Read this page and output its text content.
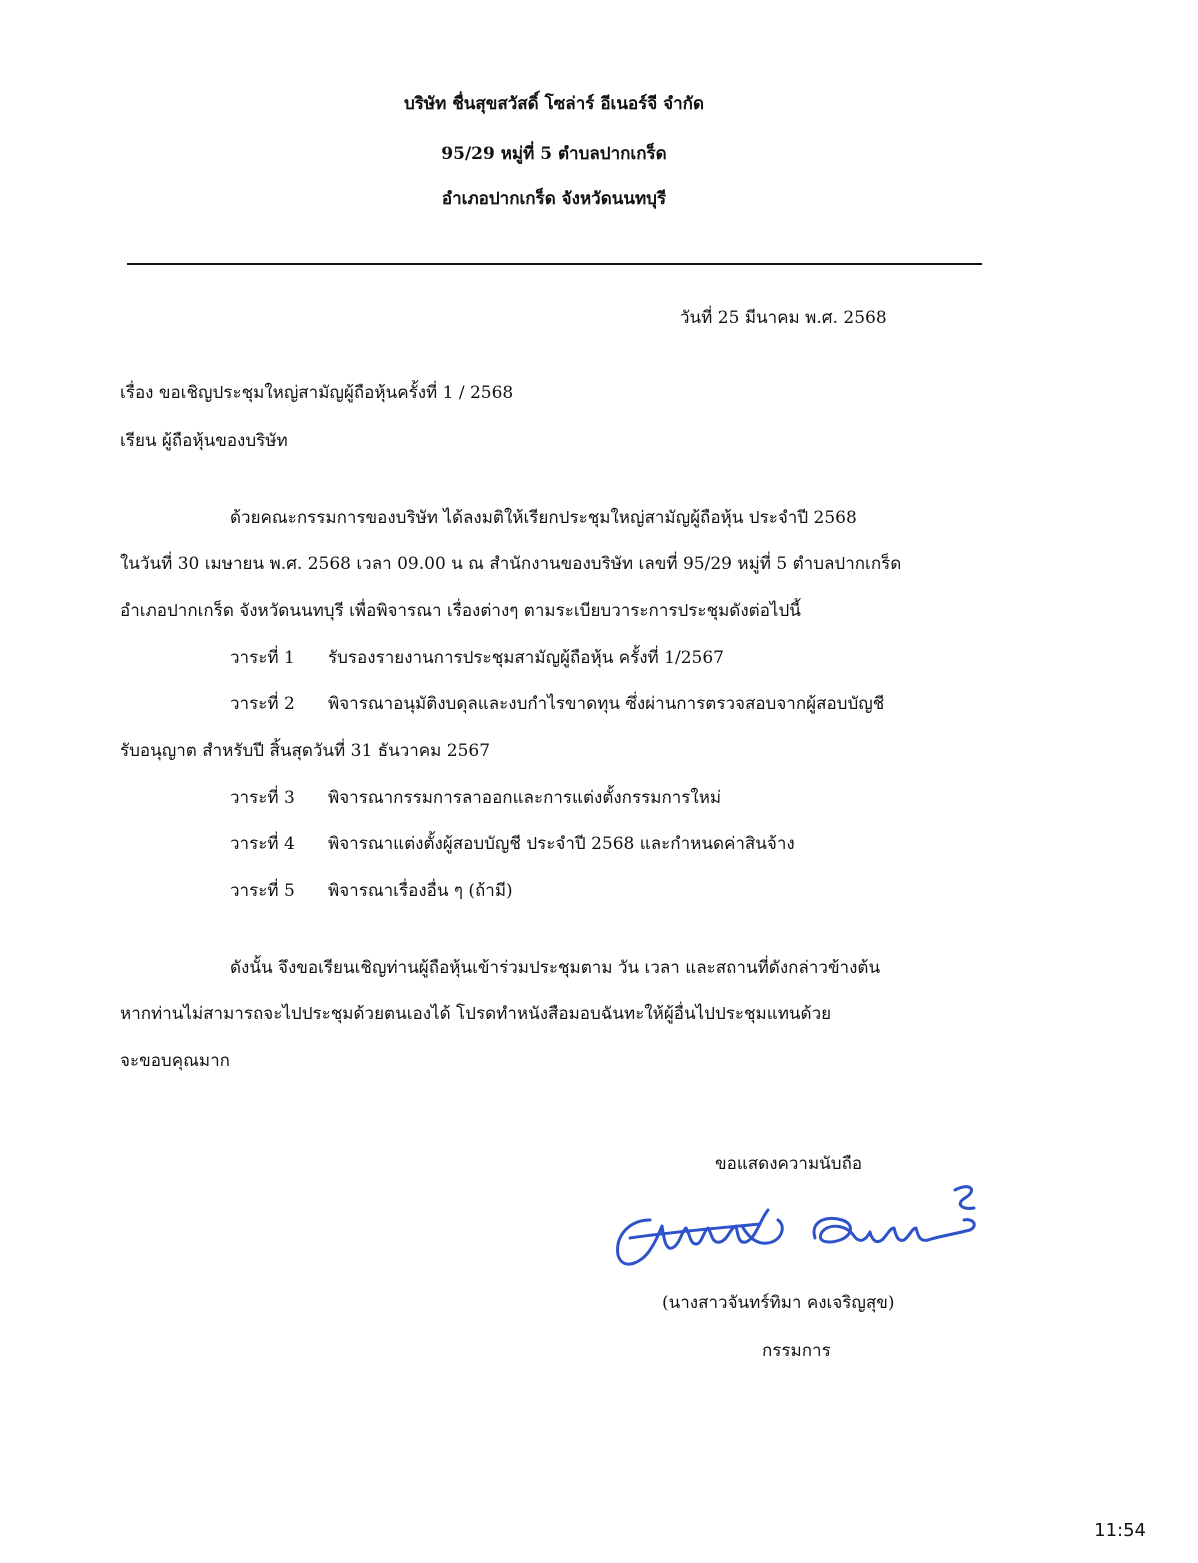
บริษัท ชื่นสุขสวัสดิ์ โซล่าร์ อีเนอร์จี จำกัด
95/29 หมู่ที่ 5 ตำบลปากเกร็ด
อำเภอปากเกร็ด จังหวัดนนทบุรี
วันที่ 25 มีนาคม พ.ศ. 2568
เรื่อง ขอเชิญประชุมใหญ่สามัญผู้ถือหุ้นครั้งที่ 1 / 2568
เรียน ผู้ถือหุ้นของบริษัท
ด้วยคณะกรรมการของบริษัท ได้ลงมติให้เรียกประชุมใหญ่สามัญผู้ถือหุ้น ประจำปี 2568
ในวันที่ 30 เมษายน พ.ศ. 2568 เวลา 09.00 น ณ สำนักงานของบริษัท เลขที่ 95/29 หมู่ที่ 5 ตำบลปากเกร็ด
อำเภอปากเกร็ด จังหวัดนนทบุรี เพื่อพิจารณา เรื่องต่างๆ ตามระเบียบวาระการประชุมดังต่อไปนี้
วาระที่ 1 รับรองรายงานการประชุมสามัญผู้ถือหุ้น ครั้งที่ 1/2567
วาระที่ 2 พิจารณาอนุมัติงบดุลและงบกำไรขาดทุน ซึ่งผ่านการตรวจสอบจากผู้สอบบัญชี
รับอนุญาต สำหรับปี สิ้นสุดวันที่ 31 ธันวาคม 2567
วาระที่ 3 พิจารณากรรมการลาออกและการแต่งตั้งกรรมการใหม่
วาระที่ 4 พิจารณาแต่งตั้งผู้สอบบัญชี ประจำปี 2568 และกำหนดค่าสินจ้าง
วาระที่ 5 พิจารณาเรื่องอื่น ๆ (ถ้ามี)
ดังนั้น จึงขอเรียนเชิญท่านผู้ถือหุ้นเข้าร่วมประชุมตาม วัน เวลา และสถานที่ดังกล่าวข้างต้น
หากท่านไม่สามารถจะไปประชุมด้วยตนเองได้ โปรดทำหนังสือมอบฉันทะให้ผู้อื่นไปประชุมแทนด้วย
จะขอบคุณมาก
ขอแสดงความนับถือ
(นางสาวจันทร์ทิมา คงเจริญสุข)
กรรมการ
11:54
